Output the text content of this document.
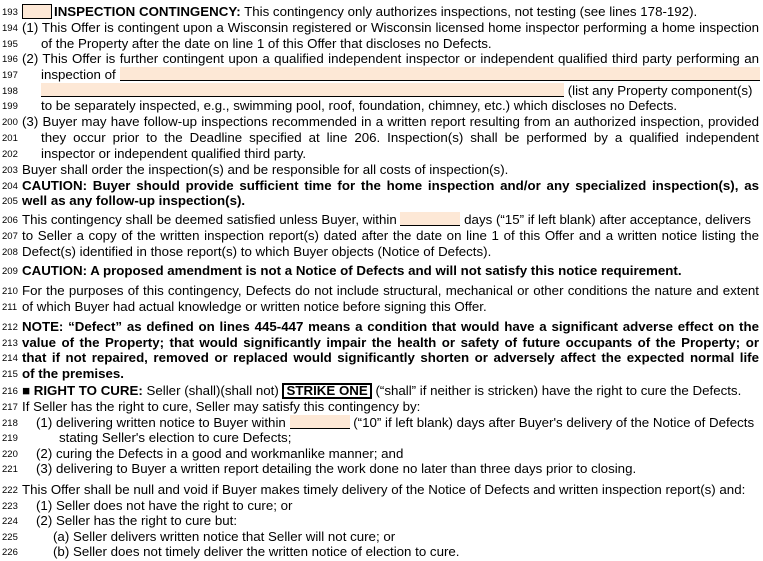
193	INSPECTION CONTINGENCY: This contingency only authorizes inspections, not testing (see lines 178-192).
194 (1) This Offer is contingent upon a Wisconsin registered or Wisconsin licensed home inspector performing a home inspection
195 of the Property after the date on line 1 of this Offer that discloses no Defects.
196 (2) This Offer is further contingent upon a qualified independent inspector or independent qualified third party performing an
197 inspection of
198	(list any Property component(s)
199 to be separately inspected, e.g., swimming pool, roof, foundation, chimney, etc.) which discloses no Defects.
200 (3) Buyer may have follow-up inspections recommended in a written report resulting from an authorized inspection, provided
201 they occur prior to the Deadline specified at line 206. Inspection(s) shall be performed by a qualified independent
202 inspector or independent qualified third party.
203 Buyer shall order the inspection(s) and be responsible for all costs of inspection(s).
204 CAUTION: Buyer should provide sufficient time for the home inspection and/or any specialized inspection(s), as
205 well as any follow-up inspection(s).
206 This contingency shall be deemed satisfied unless Buyer, within	days (“15” if left blank) after acceptance, delivers
207 to Seller a copy of the written inspection report(s) dated after the date on line 1 of this Offer and a written notice listing the
208 Defect(s) identified in those report(s) to which Buyer objects (Notice of Defects).
209 CAUTION: A proposed amendment is not a Notice of Defects and will not satisfy this notice requirement.
210 For the purposes of this contingency, Defects do not include structural, mechanical or other conditions the nature and extent
211 of which Buyer had actual knowledge or written notice before signing this Offer.
212 NOTE: “Defect” as defined on lines 445-447 means a condition that would have a significant adverse effect on the
213 value of the Property; that would significantly impair the health or safety of future occupants of the Property; or
214 that if not repaired, removed or replaced would significantly shorten or adversely affect the expected normal life
215 of the premises.
216 ■ RIGHT TO CURE: Seller (shall)(shall not) STRIKE ONE (“shall” if neither is stricken) have the right to cure the Defects.
217 If Seller has the right to cure, Seller may satisfy this contingency by:
218 (1) delivering written notice to Buyer within	(“10” if left blank) days after Buyer's delivery of the Notice of Defects
219	stating Seller's election to cure Defects;
220 (2) curing the Defects in a good and workmanlike manner; and
221 (3) delivering to Buyer a written report detailing the work done no later than three days prior to closing.
222 This Offer shall be null and void if Buyer makes timely delivery of the Notice of Defects and written inspection report(s) and:
223 (1) Seller does not have the right to cure; or
224 (2) Seller has the right to cure but:
225	(a) Seller delivers written notice that Seller will not cure; or
226	(b) Seller does not timely deliver the written notice of election to cure.
